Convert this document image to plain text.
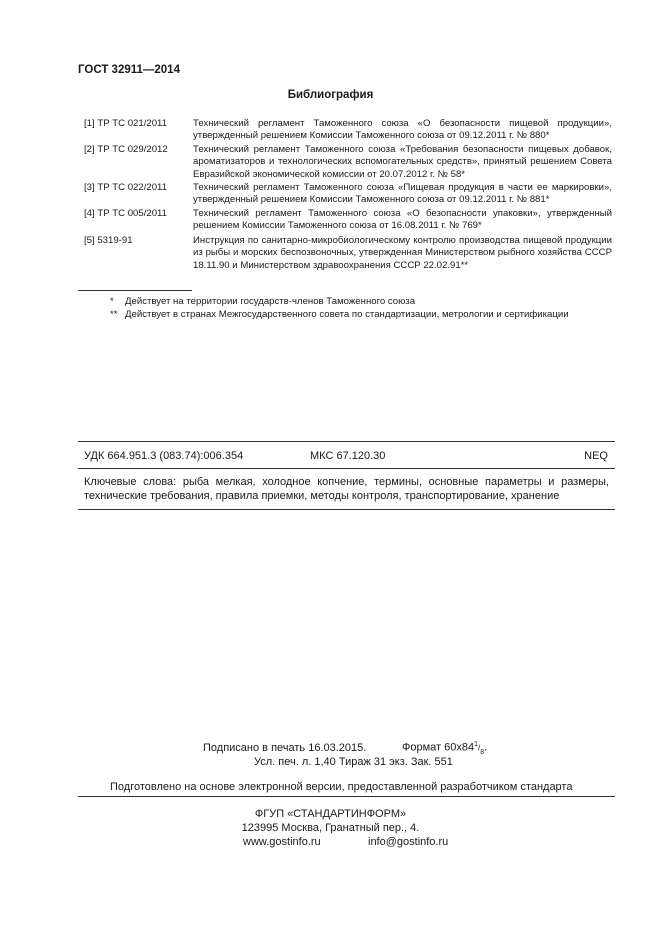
ГОСТ 32911—2014
Библиография
[1] ТР ТС 021/2011	Технический регламент Таможенного союза «О безопасности пищевой продукции», утвержденный решением Комиссии Таможенного союза от 09.12.2011 г. № 880*
[2] ТР ТС 029/2012	Технический регламент Таможенного союза «Требования безопасности пищевых добавок, ароматизаторов и технологических вспомогательных средств», принятый решением Совета Евразийской экономической комиссии от 20.07.2012 г. № 58*
[3] ТР ТС 022/2011	Технический регламент Таможенного союза «Пищевая продукция в части ее маркировки», утвержденный решением Комиссии Таможенного союза от 09.12.2011 г. № 881*
[4] ТР ТС 005/2011	Технический регламент Таможенного союза «О безопасности упаковки», утвержденный решением Комиссии Таможенного союза от 16.08.2011 г. № 769*
[5] 5319-91	Инструкция по санитарно-микробиологическому контролю производства пищевой продукции из рыбы и морских беспозвоночных, утвержденная Министерством рыбного хозяйства СССР 18.11.90 и Министерством здравоохранения СССР 22.02.91**
* Действует на территории государств-членов Таможенного союза
** Действует в странах Межгосударственного совета по стандартизации, метрологии и сертификации
УДК 664.951.3 (083.74):006.354	МКС 67.120.30	NEQ
Ключевые слова: рыба мелкая, холодное копчение, термины, основные параметры и размеры, технические требования, правила приемки, методы контроля, транспортирование, хранение
Подписано в печать 16.03.2015.	Формат $60x84^1/_8$.
Усл. печ. л. 1,40 Тираж 31 экз. Зак. 551
Подготовлено на основе электронной версии, предоставленной разработчиком стандарта
ФГУП «СТАНДАРТИНФОРМ»
123995 Москва, Гранатный пер., 4.
www.gostinfo.ru	info@gostinfo.ru
